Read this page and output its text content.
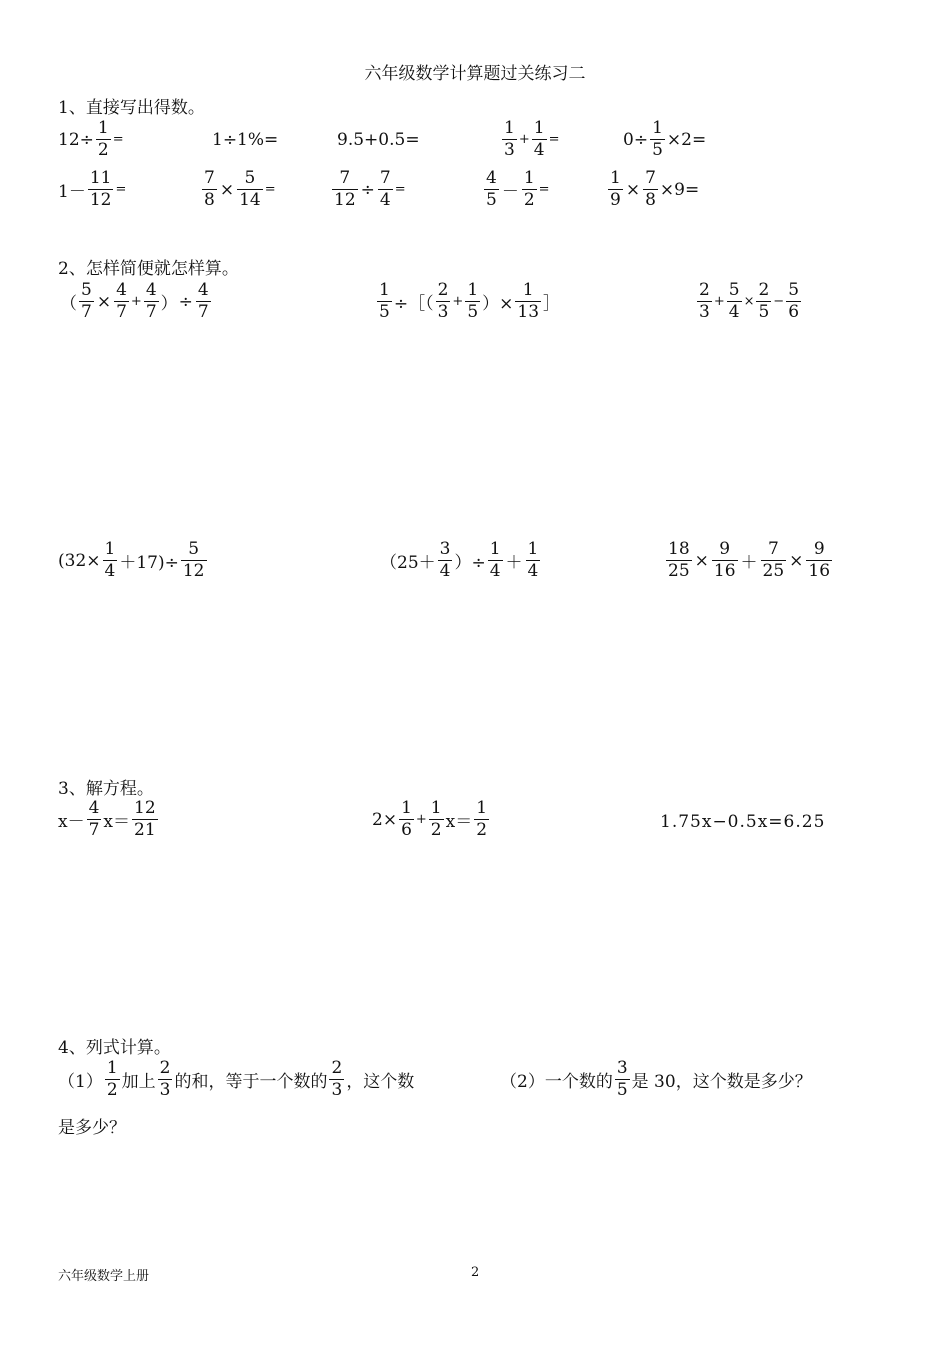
六年级数学计算题过关练习二
1、直接写出得数。
$12\div \frac{1}{2}$ =	1÷1%=	9.5+0.5=	$\frac{1}{3} + \frac{1}{4}$ =	$0\div \frac{1}{5} \times 2=$
$1- \frac{11}{12}$ =	$\frac{7}{8} \times \frac{5}{14}$ =	$\frac{7}{12} \div \frac{7}{4}$ =	$\frac{4}{5} - \frac{1}{2}$ =	$\frac{1}{9} \times \frac{7}{8} \times 9=$
2、怎样简便就怎样算。
（ $\frac{5}{7} \times \frac{4}{7} + \frac{4}{7}$ ） ÷ $\frac{4}{7}$	$\frac{1}{5}$ ÷［（ $\frac{2}{3} + \frac{1}{5}$ ）× $\frac{1}{13}$ ］	$\frac{2}{3} + \frac{5}{4} \times \frac{2}{5} - \frac{5}{6}$
$(32\times \frac{1}{4} +17)\div \frac{5}{12}$	（$25+ \frac{3}{4}$ ）÷ $\frac{1}{4} + \frac{1}{4}$	$\frac{18}{25} \times \frac{9}{16} + \frac{7}{25} \times \frac{9}{16}$
3、解方程。
$x- \frac{4}{7} x= \frac{12}{21}$	$2\times \frac{1}{6} + \frac{1}{2} x= \frac{1}{2}$	1.75x−0.5x=6.25
4、列式计算。
$(1) \frac{1}{2}$ 加上 $\frac{2}{3}$ 的和，等于一个数的 $\frac{2}{3}$ ，这个数
是多少？
（2）一个数的 $\frac{3}{5}$ 是 30，这个数是多少？
六年级数学上册	2
